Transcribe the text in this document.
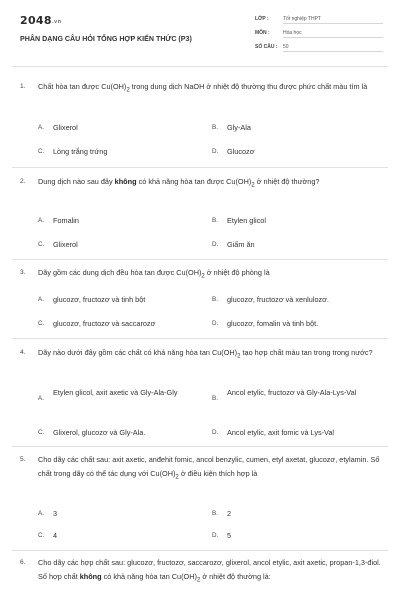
$2048_{.vn}$
PHÂN DẠNG CÂU HỎI TỔNG HỢP KIẾN THỨC (P3)
LỚP :	Tốt nghiệp THPT
MÔN :	Hóa học
SỐ CÂU :	50
1. Chất hòa tan được $Cu(OH)_2$ trong dung dịch NaOH ở nhiệt độ thường thu được phức chất màu tím là
A. Glixerol	B. Gly-Ala
C. Lòng trắng trứng	D. Glucozơ
2. Dung dịch nào sau đây không có khả năng hòa tan được $Cu(OH)_2$ ở nhiệt độ thường?
A. Fomalin	B. Etylen glicol
C. Glixerol	D. Giấm ăn
3. Dãy gồm các dung dịch đều hòa tan được $Cu(OH)_2$ ở nhiệt độ phòng là
A. glucozơ, fructozơ và tinh bột	B. glucozơ, fructozơ và xenlulozơ.
C. glucozơ, fructozơ và saccarozơ	D. glucozơ, fomalin và tinh bột.
4. Dãy nào dưới đây gồm các chất có khả năng hòa $\tan Cu(OH)_2$ tạo hợp chất màu tan trong trong nước?
A.
Etylen glicol, axit axetic và Gly-Ala-Gly
B.
Ancol etylic, fructozơ và Gly-Ala-Lys-Val
C. Glixerol, glucozơ và Gly-Ala.	D. Ancol etylic, axit fomic và Lys-Val
5. Cho dãy các chất sau: axit axetic, anđehit fomic, ancol benzylic, cumen, etyl axetat, glucozơ, etylamin. Số chất trong dãy có thể tác dụng với $Cu(OH)_2$ ở điều kiện thích hợp là
A. 3	B. 2
C. 4	D. 5
6. Cho dãy các hợp chất sau: glucozơ, fructozơ, saccarozơ, glixerol, ancol etylic, axit axetic, propan-1,3-điol. Số hợp chất không có khả năng hòa $\tan Cu(OH)_2$ ở nhiệt độ thường là:
